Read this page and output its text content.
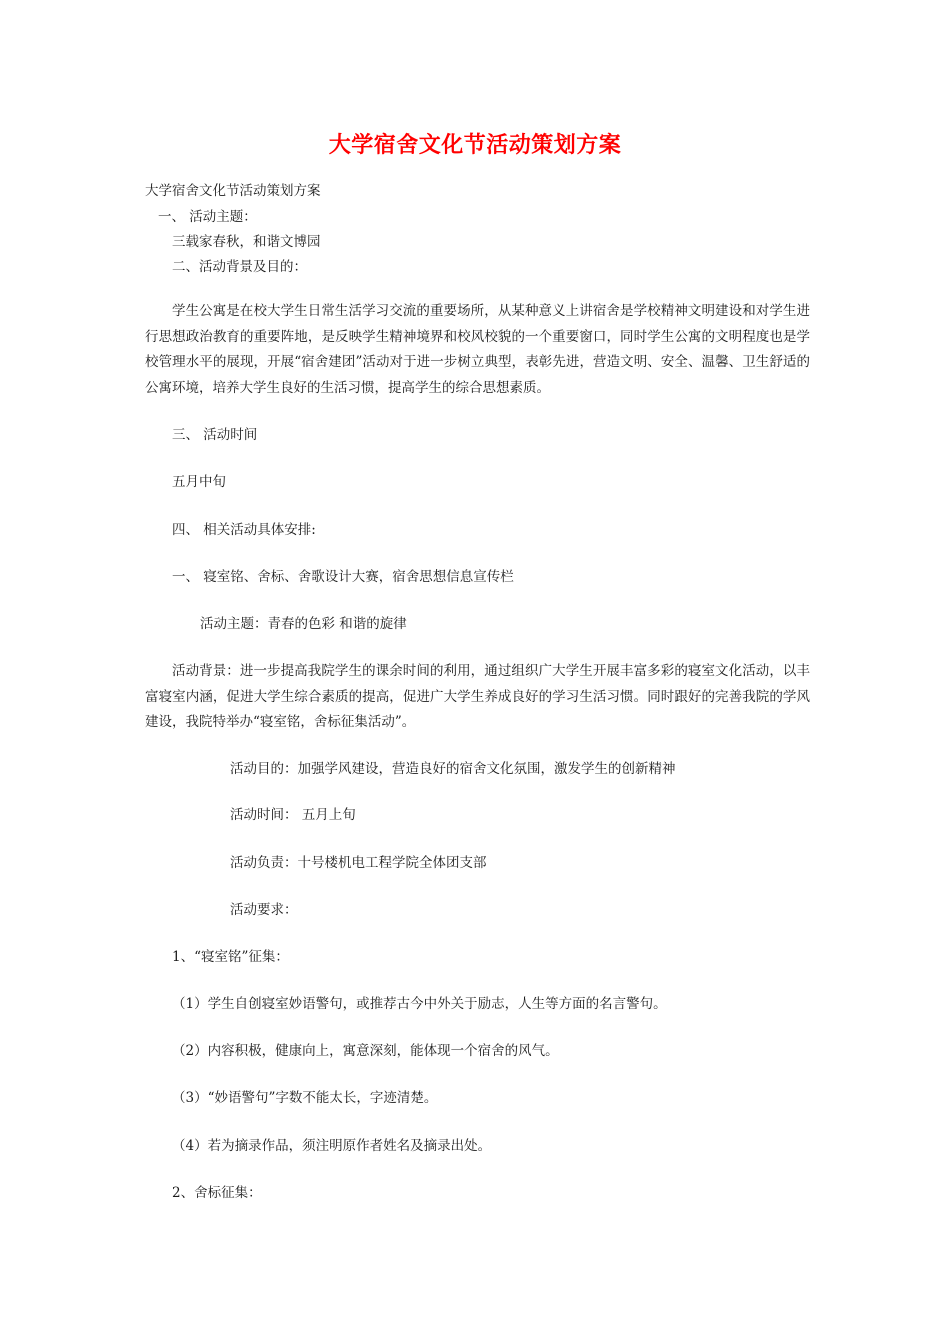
大学宿舍文化节活动策划方案
大学宿舍文化节活动策划方案
一、 活动主题：
三载家春秋，和谐文博园
二、活动背景及目的：
学生公寓是在校大学生日常生活学习交流的重要场所，从某种意义上讲宿舍是学校精神文明建设和对学生进行思想政治教育的重要阵地，是反映学生精神境界和校风校貌的一个重要窗口，同时学生公寓的文明程度也是学校管理水平的展现，开展“宿舍建团”活动对于进一步树立典型，表彰先进，营造文明、安全、温馨、卫生舒适的公寓环境，培养大学生良好的生活习惯，提高学生的综合思想素质。
三、 活动时间
五月中旬
四、 相关活动具体安排:
一、 寝室铭、舍标、舍歌设计大赛，宿舍思想信息宣传栏
活动主题：青春的色彩 和谐的旋律
活动背景：进一步提高我院学生的课余时间的利用，通过组织广大学生开展丰富多彩的寝室文化活动，以丰富寝室内涵，促进大学生综合素质的提高，促进广大学生养成良好的学习生活习惯。同时跟好的完善我院的学风建设，我院特举办“寝室铭，舍标征集活动”。
活动目的：加强学风建设，营造良好的宿舍文化氛围，激发学生的创新精神
活动时间： 五月上旬
活动负责：十号楼机电工程学院全体团支部
活动要求：
1、“寝室铭”征集：
（1）学生自创寝室妙语警句，或推荐古今中外关于励志，人生等方面的名言警句。
（2）内容积极，健康向上，寓意深刻，能体现一个宿舍的风气。
（3）“妙语警句”字数不能太长，字迹清楚。
（4）若为摘录作品，须注明原作者姓名及摘录出处。
2、舍标征集：
